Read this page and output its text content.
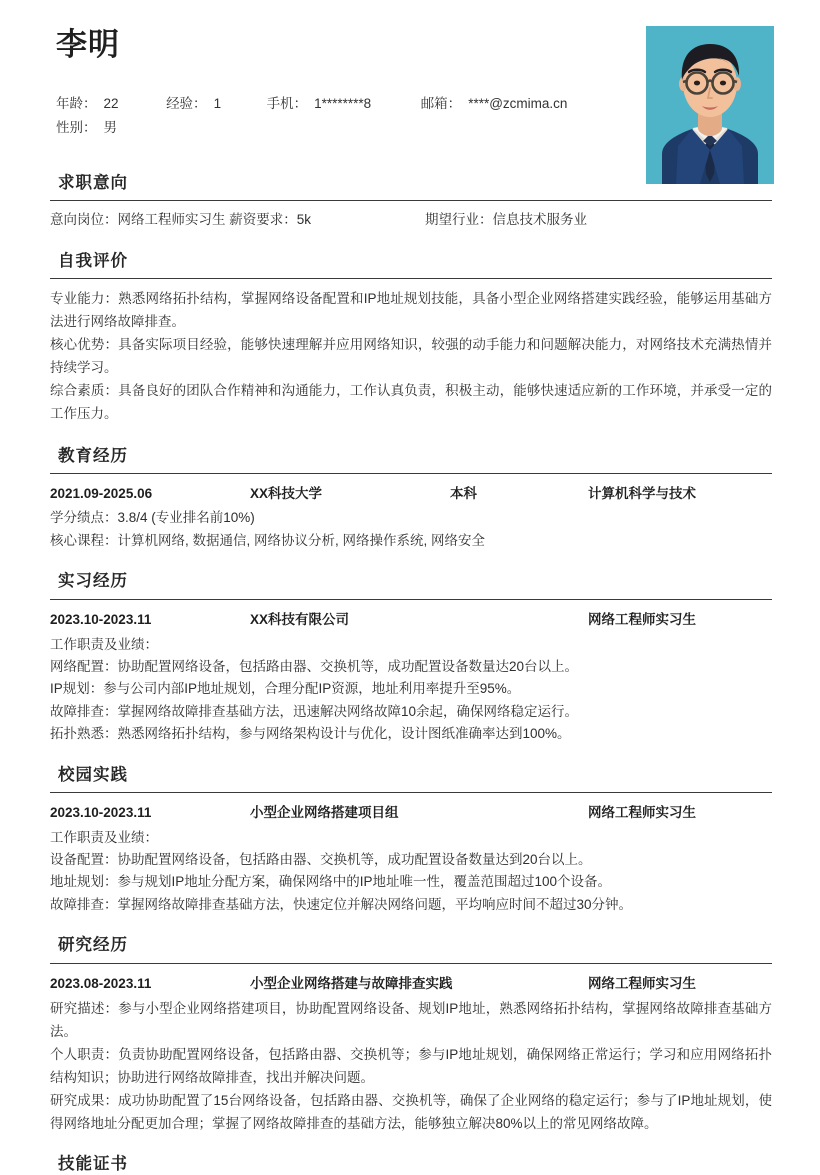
李明
年龄： 22	经验： 1	手机： 1********8	邮箱： ****@zcmima.cn
性别： 男
求职意向
意向岗位：网络工程师实习生 薪资要求：5k	期望行业：信息技术服务业
自我评价
专业能力：熟悉网络拓扑结构，掌握网络设备配置和IP地址规划技能，具备小型企业网络搭建实践经验，能够运用基础方法进行网络故障排查。
核心优势：具备实际项目经验，能够快速理解并应用网络知识，较强的动手能力和问题解决能力，对网络技术充满热情并持续学习。
综合素质：具备良好的团队合作精神和沟通能力，工作认真负责，积极主动，能够快速适应新的工作环境，并承受一定的工作压力。
教育经历
2021.09-2025.06	XX科技大学	本科	计算机科学与技术
学分绩点：3.8/4 (专业排名前10%)
核心课程：计算机网络, 数据通信, 网络协议分析, 网络操作系统, 网络安全
实习经历
2023.10-2023.11	XX科技有限公司	网络工程师实习生
工作职责及业绩：
网络配置：协助配置网络设备，包括路由器、交换机等，成功配置设备数量达20台以上。
IP规划：参与公司内部IP地址规划，合理分配IP资源，地址利用率提升至95%。
故障排查：掌握网络故障排查基础方法，迅速解决网络故障10余起，确保网络稳定运行。
拓扑熟悉：熟悉网络拓扑结构，参与网络架构设计与优化，设计图纸准确率达到100%。
校园实践
2023.10-2023.11	小型企业网络搭建项目组	网络工程师实习生
工作职责及业绩：
设备配置：协助配置网络设备，包括路由器、交换机等，成功配置设备数量达到20台以上。
地址规划：参与规划IP地址分配方案，确保网络中的IP地址唯一性，覆盖范围超过100个设备。
故障排查：掌握网络故障排查基础方法，快速定位并解决网络问题，平均响应时间不超过30分钟。
研究经历
2023.08-2023.11	小型企业网络搭建与故障排查实践	网络工程师实习生
研究描述：参与小型企业网络搭建项目，协助配置网络设备、规划IP地址，熟悉网络拓扑结构，掌握网络故障排查基础方法。
个人职责：负责协助配置网络设备，包括路由器、交换机等；参与IP地址规划，确保网络正常运行；学习和应用网络拓扑结构知识；协助进行网络故障排查，找出并解决问题。
研究成果：成功协助配置了15台网络设备，包括路由器、交换机等，确保了企业网络的稳定运行；参与了IP地址规划，使得网络地址分配更加合理；掌握了网络故障排查的基础方法，能够独立解决80%以上的常见网络故障。
技能证书
